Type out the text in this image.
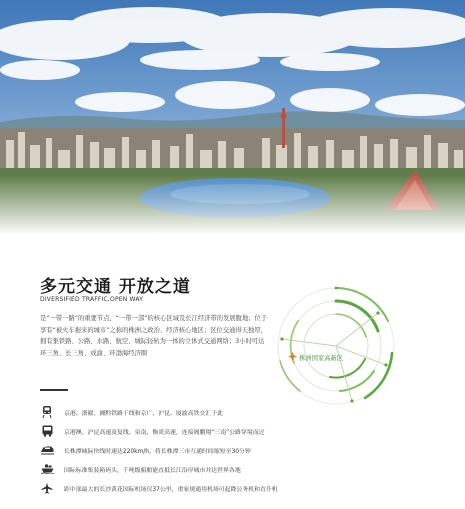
多元交通 开放之道
DIVERSIFIED TRAFFIC,OPEN WAY
是“一带一路”的重要节点，“一带一部”的核心区域及长江经济带的发展腹地；位于享有“被火车拖来的城市”之称的株洲之政治、经济核心地区；区位交通得天独厚，拥有集铁路、公路、水路、航空、城际轻轨为一体的立体式交通网络；3小时可达环三角、长三角、成渝、环渤海经济圈
株洲国家高新区
京港、浙赣、湘黔铁路干线和京广、沪昆、厦渝高铁交汇于此
京港澳、沪昆高速及复线、泉南、衡炎高速，连接阁鹏翔“三南”公路穿境而过
长株潭城际快线时速达220km/h，将长株潭三市互通时间缩短至30分钟
国际标准集装箱码头，千吨级船舶能直抵长江沿岸城市并达世界各地
距中部最大的长沙黄花国际机场仅37公里，重家规通用机场可起降公务机和直升机
